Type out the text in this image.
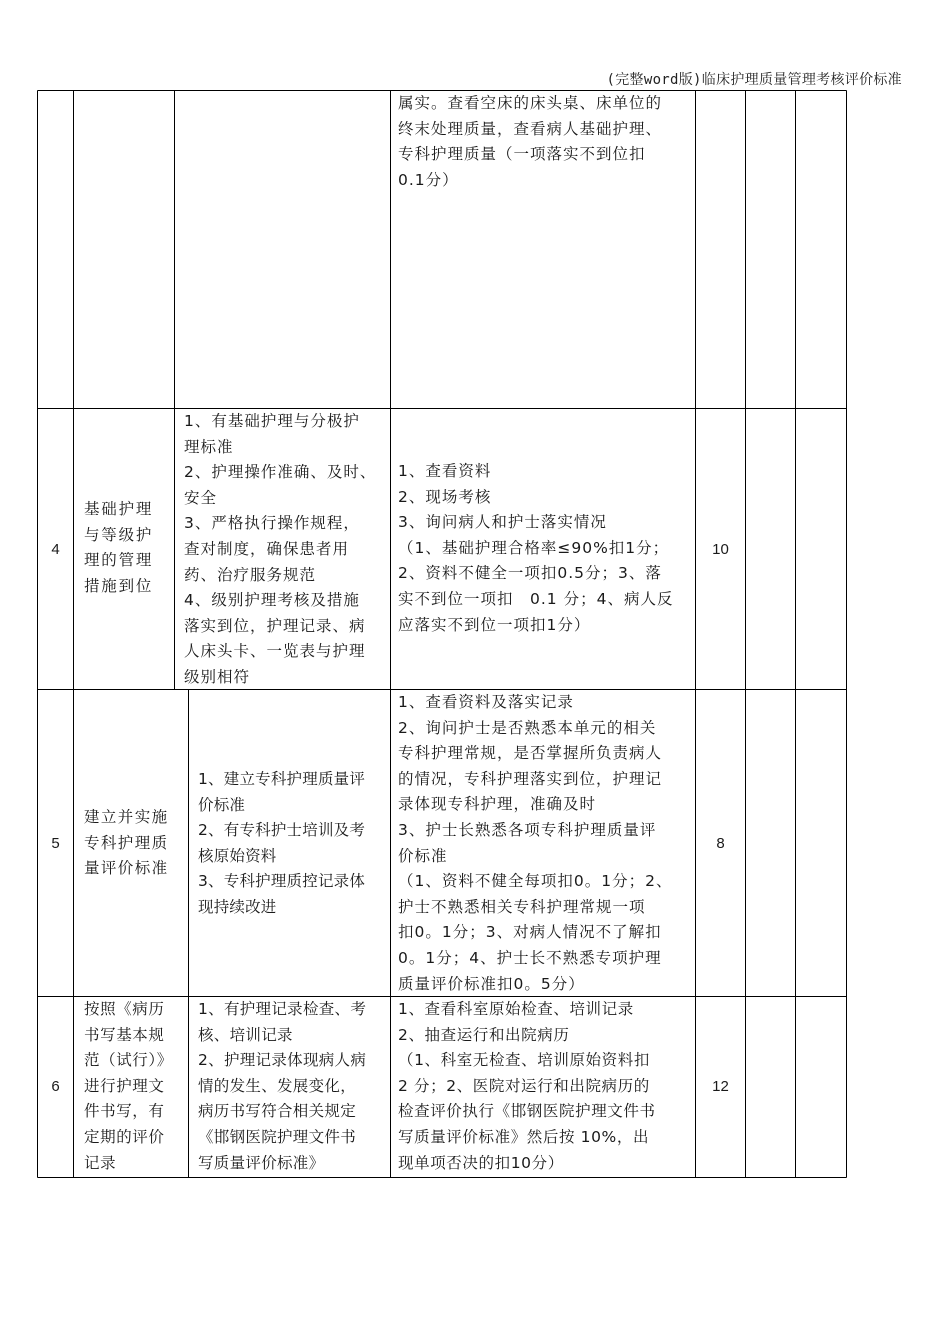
(完整word版)临床护理质量管理考核评价标准
属实。查看空床的床头桌、床单位的
终末处理质量，查看病人基础护理、
专科护理质量（一项落实不到位扣
0.1分）
4
基础护理
与等级护
理的管理
措施到位
1、有基础护理与分极护
理标准
2、护理操作准确、及时、
安全
3、严格执行操作规程，
查对制度，确保患者用
药、治疗服务规范
4、级别护理考核及措施
落实到位，护理记录、病
人床头卡、一览表与护理
级别相符
1、查看资料
2、现场考核
3、询问病人和护士落实情况
（1、基础护理合格率≤90%扣1分；
2、资料不健全一项扣0.5分；3、落
实不到位一项扣　0.1 分；4、病人反
应落实不到位一项扣1分）
10
5
建立并实施
专科护理质
量评价标准
1、建立专科护理质量评
价标准
2、有专科护士培训及考
核原始资料
3、专科护理质控记录体
现持续改进
1、查看资料及落实记录
2、询问护士是否熟悉本单元的相关
专科护理常规，是否掌握所负责病人
的情况，专科护理落实到位，护理记
录体现专科护理，准确及时
3、护士长熟悉各项专科护理质量评
价标准
（1、资料不健全每项扣0。1分；2、
护士不熟悉相关专科护理常规一项
扣0。1分；3、对病人情况不了解扣
0。1分；4、护士长不熟悉专项护理
质量评价标准扣0。5分）
8
6
按照《病历
书写基本规
范（试行）》
进行护理文
件书写，有
定期的评价
记录
1、有护理记录检查、考
核、培训记录
2、护理记录体现病人病
情的发生、发展变化，
病历书写符合相关规定
《邯钢医院护理文件书
写质量评价标准》
1、查看科室原始检查、培训记录
2、抽查运行和出院病历
（1、科室无检查、培训原始资料扣
2 分；2、医院对运行和出院病历的
检查评价执行《邯钢医院护理文件书
写质量评价标准》然后按 10%，出
现单项否决的扣10分）
12
